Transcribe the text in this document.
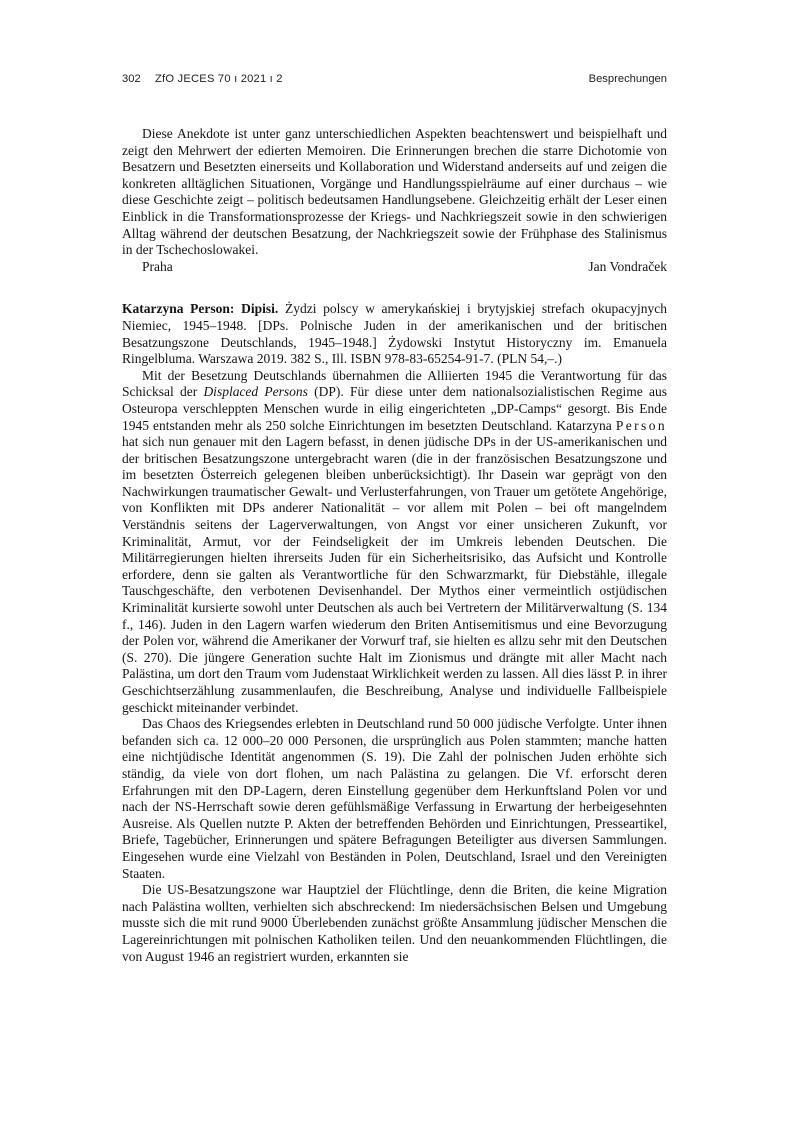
302 ZfO JECES 70 ı 2021 ı 2	Besprechungen

Diese Anekdote ist unter ganz unterschiedlichen Aspekten beachtenswert und beispielhaft und zeigt den Mehrwert der edierten Memoiren. Die Erinnerungen brechen die starre Dichotomie von Besatzern und Besetzten einerseits und Kollaboration und Widerstand anderseits auf und zeigen die konkreten alltäglichen Situationen, Vorgänge und Handlungsspielräume auf einer durchaus – wie diese Geschichte zeigt – politisch bedeutsamen Handlungsebene. Gleichzeitig erhält der Leser einen Einblick in die Transformationsprozesse der Kriegs- und Nachkriegszeit sowie in den schwierigen Alltag während der deutschen Besatzung, der Nachkriegszeit sowie der Frühphase des Stalinismus in der Tschechoslowakei.

Praha	Jan Vondraček

Katarzyna Person: Dipisi. Żydzi polscy w amerykańskiej i brytyjskiej strefach okupacyjnych Niemiec, 1945–1948. [DPs. Polnische Juden in der amerikanischen und der britischen Besatzungszone Deutschlands, 1945–1948.] Żydowski Instytut Historyczny im. Emanuela Ringelbluma. Warszawa 2019. 382 S., Ill. ISBN 978-83-65254-91-7. (PLN 54,–.)

Mit der Besetzung Deutschlands übernahmen die Alliierten 1945 die Verantwortung für das Schicksal der Displaced Persons (DP). Für diese unter dem nationalsozialistischen Regime aus Osteuropa verschleppten Menschen wurde in eilig eingerichteten „DP-Camps“ gesorgt. Bis Ende 1945 entstanden mehr als 250 solche Einrichtungen im besetzten Deutschland. Katarzyna Person hat sich nun genauer mit den Lagern befasst, in denen jüdische DPs in der US-amerikanischen und der britischen Besatzungszone untergebracht waren (die in der französischen Besatzungszone und im besetzten Österreich gelegenen bleiben unberücksichtigt). Ihr Dasein war geprägt von den Nachwirkungen traumatischer Gewalt- und Verlusterfahrungen, von Trauer um getötete Angehörige, von Konflikten mit DPs anderer Nationalität – vor allem mit Polen – bei oft mangelndem Verständnis seitens der Lagerverwaltungen, von Angst vor einer unsicheren Zukunft, vor Kriminalität, Armut, vor der Feindseligkeit der im Umkreis lebenden Deutschen. Die Militärregierungen hielten ihrerseits Juden für ein Sicherheitsrisiko, das Aufsicht und Kontrolle erfordere, denn sie galten als Verantwortliche für den Schwarzmarkt, für Diebstähle, illegale Tauschgeschäfte, den verbotenen Devisenhandel. Der Mythos einer vermeintlich ostjüdischen Kriminalität kursierte sowohl unter Deutschen als auch bei Vertretern der Militärverwaltung (S. 134 f., 146). Juden in den Lagern warfen wiederum den Briten Antisemitismus und eine Bevorzugung der Polen vor, während die Amerikaner der Vorwurf traf, sie hielten es allzu sehr mit den Deutschen (S. 270). Die jüngere Generation suchte Halt im Zionismus und drängte mit aller Macht nach Palästina, um dort den Traum vom Judenstaat Wirklichkeit werden zu lassen. All dies lässt P. in ihrer Geschichtserzählung zusammenlaufen, die Beschreibung, Analyse und individuelle Fallbeispiele geschickt miteinander verbindet.

Das Chaos des Kriegsendes erlebten in Deutschland rund 50 000 jüdische Verfolgte. Unter ihnen befanden sich ca. 12 000–20 000 Personen, die ursprünglich aus Polen stammten; manche hatten eine nichtjüdische Identität angenommen (S. 19). Die Zahl der polnischen Juden erhöhte sich ständig, da viele von dort flohen, um nach Palästina zu gelangen. Die Vf. erforscht deren Erfahrungen mit den DP-Lagern, deren Einstellung gegenüber dem Herkunftsland Polen vor und nach der NS-Herrschaft sowie deren gefühlsmäßige Verfassung in Erwartung der herbeigesehnten Ausreise. Als Quellen nutzte P. Akten der betreffenden Behörden und Einrichtungen, Presseartikel, Briefe, Tagebücher, Erinnerungen und spätere Befragungen Beteiligter aus diversen Sammlungen. Eingesehen wurde eine Vielzahl von Beständen in Polen, Deutschland, Israel und den Vereinigten Staaten.

Die US-Besatzungszone war Hauptziel der Flüchtlinge, denn die Briten, die keine Migration nach Palästina wollten, verhielten sich abschreckend: Im niedersächsischen Belsen und Umgebung musste sich die mit rund 9000 Überlebenden zunächst größte Ansammlung jüdischer Menschen die Lagereinrichtungen mit polnischen Katholiken teilen. Und den neuankommenden Flüchtlingen, die von August 1946 an registriert wurden, erkannten sie
